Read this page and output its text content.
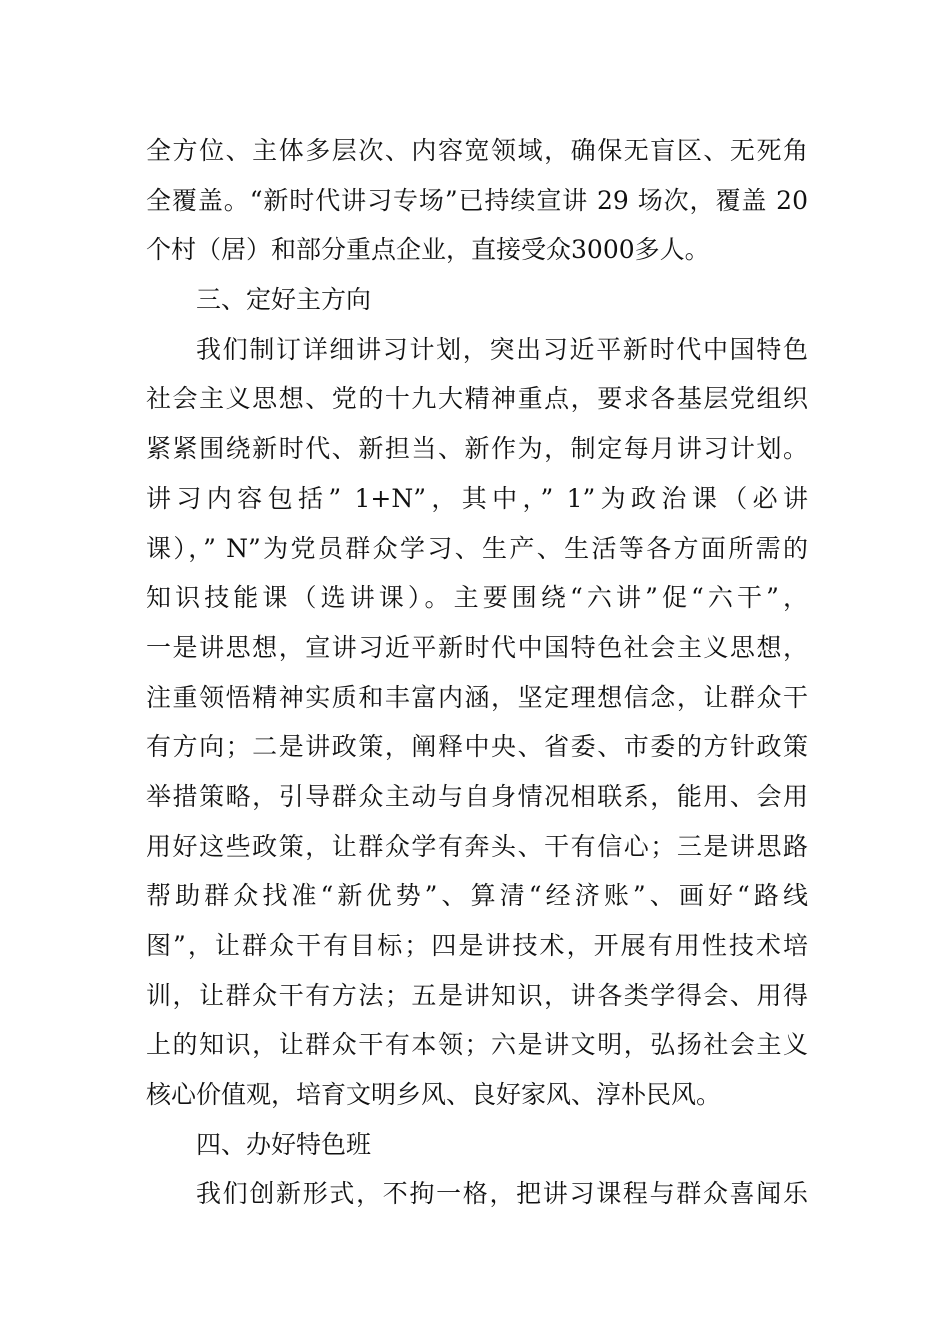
全方位、主体多层次、内容宽领域，确保无盲区、无死角
全覆盖。“新时代讲习专场”已持续宣讲 29 场次，覆盖 20
个村（居）和部分重点企业，直接受众3000多人。
三、定好主方向
我们制订详细讲习计划，突出习近平新时代中国特色
社会主义思想、党的十九大精神重点，要求各基层党组织
紧紧围绕新时代、新担当、新作为，制定每月讲习计划。
讲习内容包括” 1+N”，其中，” 1”为政治课（必讲
课），” N”为党员群众学习、生产、生活等各方面所需的
知识技能课（选讲课）。主要围绕“六讲”促“六干”，
一是讲思想，宣讲习近平新时代中国特色社会主义思想，
注重领悟精神实质和丰富内涵，坚定理想信念，让群众干
有方向；二是讲政策，阐释中央、省委、市委的方针政策
举措策略，引导群众主动与自身情况相联系，能用、会用
用好这些政策，让群众学有奔头、干有信心；三是讲思路
帮助群众找准“新优势”、算清“经济账”、画好“路线
图”，让群众干有目标；四是讲技术，开展有用性技术培
训，让群众干有方法；五是讲知识，讲各类学得会、用得
上的知识，让群众干有本领；六是讲文明，弘扬社会主义
核心价值观，培育文明乡风、良好家风、淳朴民风。
四、办好特色班
我们创新形式，不拘一格，把讲习课程与群众喜闻乐
